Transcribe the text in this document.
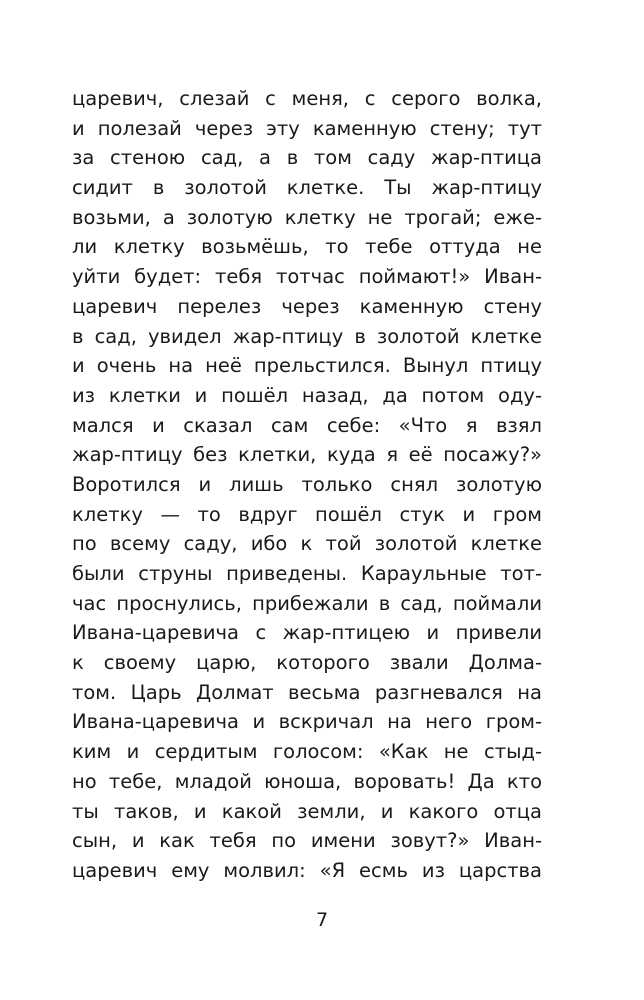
царевич, слезай с меня, с серого волка,
и полезай через эту каменную стену; тут
за стеною сад, а в том саду жар-птица
сидит в золотой клетке. Ты жар-птицу
возьми, а золотую клетку не трогай; еже-
ли клетку возьмёшь, то тебе оттуда не
уйти будет: тебя тотчас поймают!» Иван-
царевич перелез через каменную стену
в сад, увидел жар-птицу в золотой клетке
и очень на неё прельстился. Вынул птицу
из клетки и пошёл назад, да потом оду-
мался и сказал сам себе: «Что я взял
жар-птицу без клетки, куда я её посажу?»
Воротился и лишь только снял золотую
клетку — то вдруг пошёл стук и гром
по всему саду, ибо к той золотой клетке
были струны приведены. Караульные тот-
час проснулись, прибежали в сад, поймали
Ивана-царевича с жар-птицею и привели
к своему царю, которого звали Долма-
том. Царь Долмат весьма разгневался на
Ивана-царевича и вскричал на него гром-
ким и сердитым голосом: «Как не стыд-
но тебе, младой юноша, воровать! Да кто
ты таков, и какой земли, и какого отца
сын, и как тебя по имени зовут?» Иван-
царевич ему молвил: «Я есмь из царства
7
